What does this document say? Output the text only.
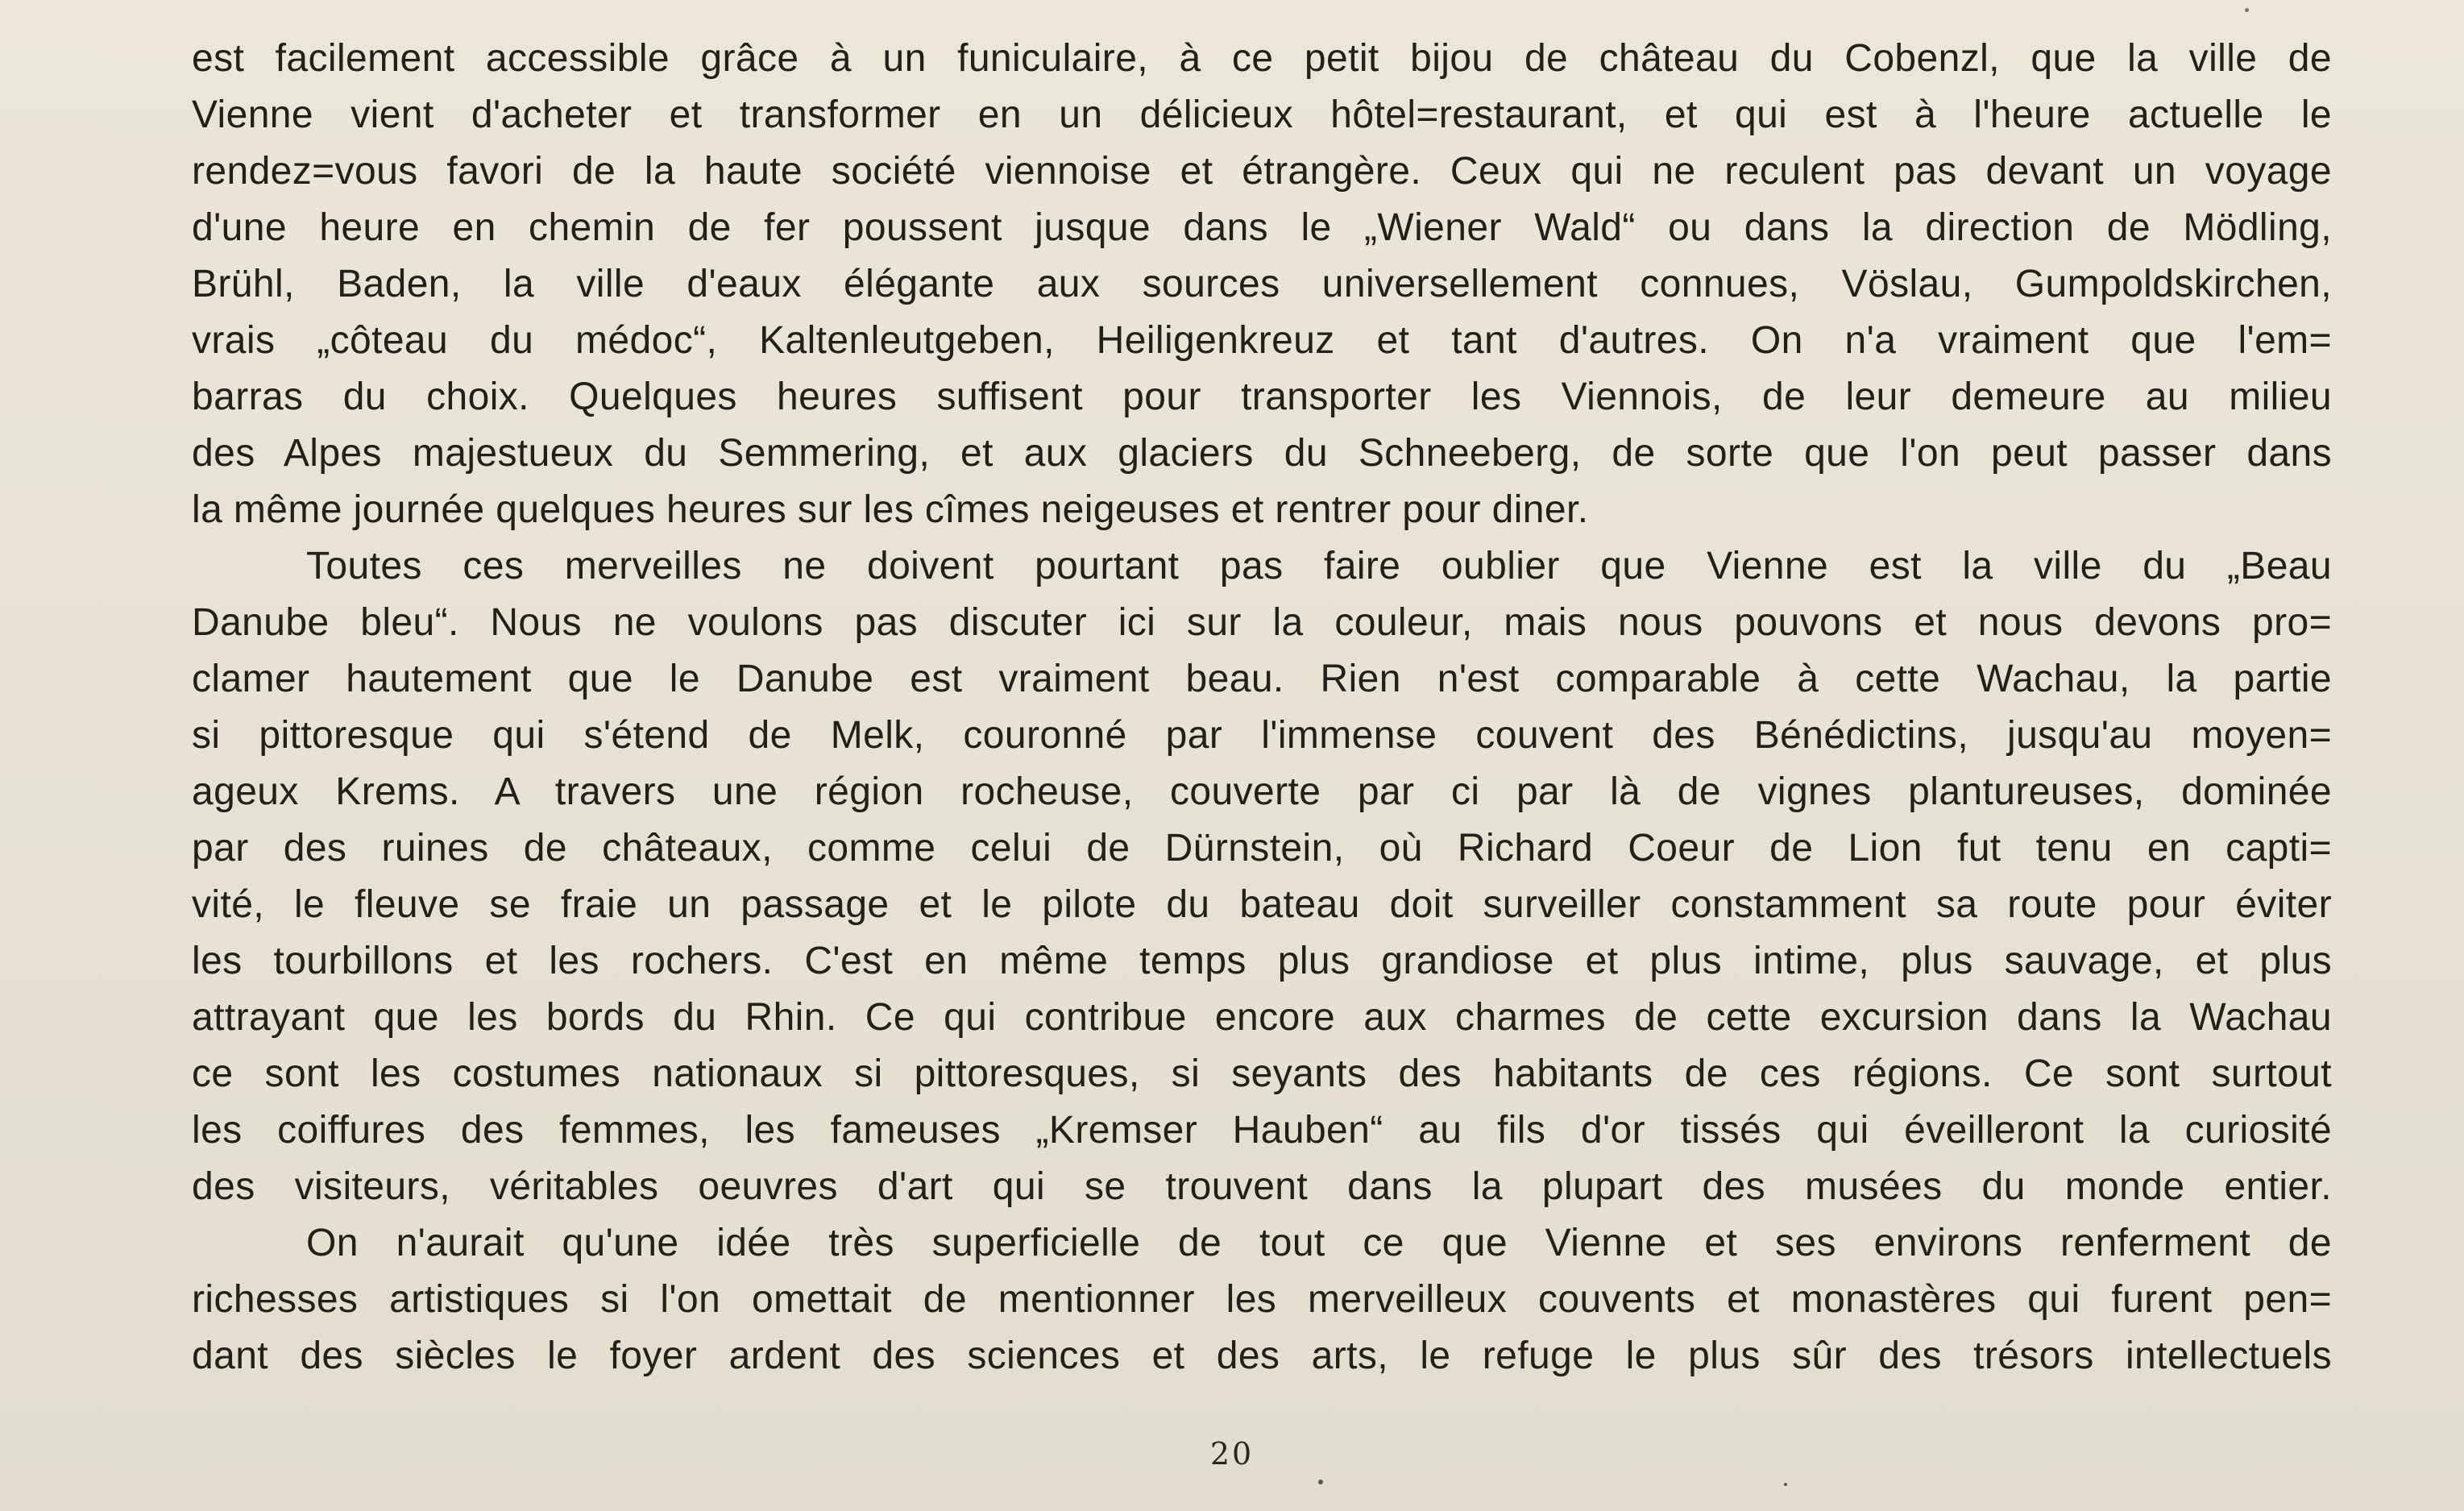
est facilement accessible grâce à un funiculaire, à ce petit bijou de château du Cobenzl, que la ville de
Vienne vient d'acheter et transformer en un délicieux hôtel=restaurant, et qui est à l'heure actuelle le
rendez=vous favori de la haute société viennoise et étrangère. Ceux qui ne reculent pas devant un voyage
d'une heure en chemin de fer poussent jusque dans le „Wiener Wald“ ou dans la direction de Mödling,
Brühl, Baden, la ville d'eaux élégante aux sources universellement connues, Vöslau, Gumpoldskirchen,
vrais „côteau du médoc“, Kaltenleutgeben, Heiligenkreuz et tant d'autres. On n'a vraiment que l'em=
barras du choix. Quelques heures suffisent pour transporter les Viennois, de leur demeure au milieu
des Alpes majestueux du Semmering, et aux glaciers du Schneeberg, de sorte que l'on peut passer dans
la même journée quelques heures sur les cîmes neigeuses et rentrer pour diner.
Toutes ces merveilles ne doivent pourtant pas faire oublier que Vienne est la ville du „Beau
Danube bleu“. Nous ne voulons pas discuter ici sur la couleur, mais nous pouvons et nous devons pro=
clamer hautement que le Danube est vraiment beau. Rien n'est comparable à cette Wachau, la partie
si pittoresque qui s'étend de Melk, couronné par l'immense couvent des Bénédictins, jusqu'au moyen=
ageux Krems. A travers une région rocheuse, couverte par ci par là de vignes plantureuses, dominée
par des ruines de châteaux, comme celui de Dürnstein, où Richard Coeur de Lion fut tenu en capti=
vité, le fleuve se fraie un passage et le pilote du bateau doit surveiller constamment sa route pour éviter
les tourbillons et les rochers. C'est en même temps plus grandiose et plus intime, plus sauvage, et plus
attrayant que les bords du Rhin. Ce qui contribue encore aux charmes de cette excursion dans la Wachau
ce sont les costumes nationaux si pittoresques, si seyants des habitants de ces régions. Ce sont surtout
les coiffures des femmes, les fameuses „Kremser Hauben“ au fils d'or tissés qui éveilleront la curiosité
des visiteurs, véritables oeuvres d'art qui se trouvent dans la plupart des musées du monde entier.
On n'aurait qu'une idée très superficielle de tout ce que Vienne et ses environs renferment de
richesses artistiques si l'on omettait de mentionner les merveilleux couvents et monastères qui furent pen=
dant des siècles le foyer ardent des sciences et des arts, le refuge le plus sûr des trésors intellectuels
20
